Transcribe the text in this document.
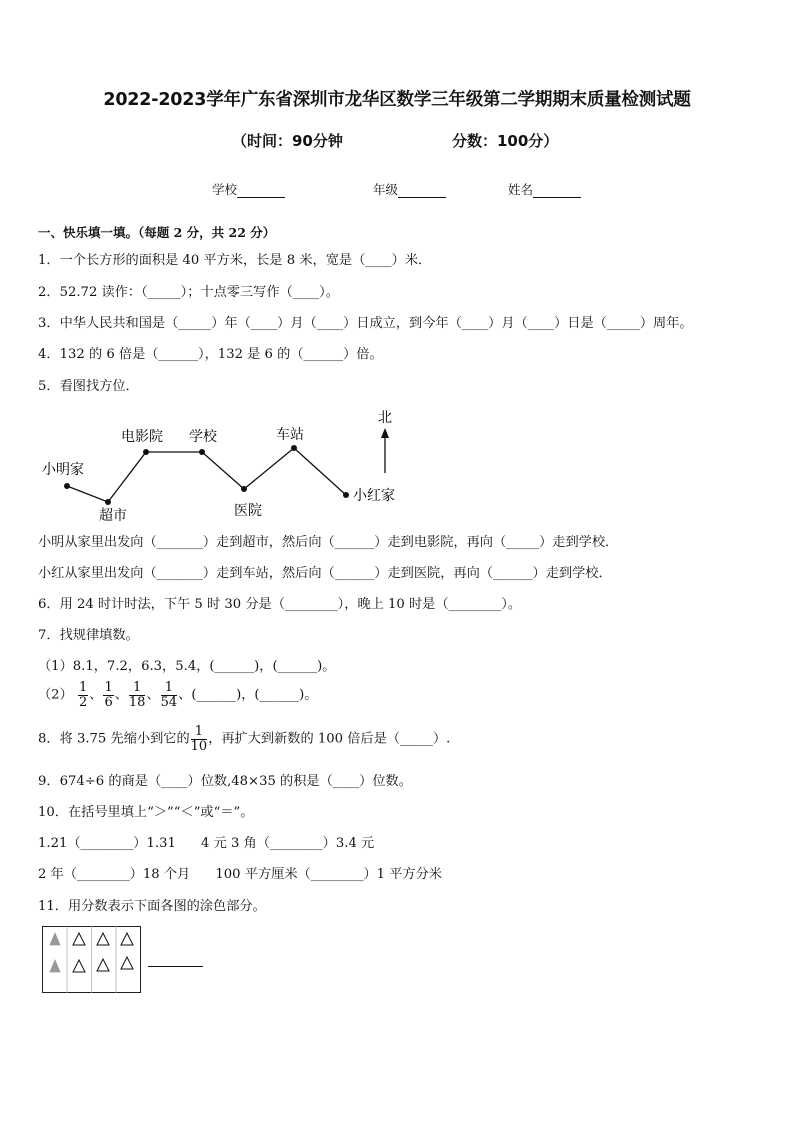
2022-2023学年广东省深圳市龙华区数学三年级第二学期期末质量检测试题
（时间：90分钟	分数：100分）
学校	年级	姓名
一、快乐填一填。（每题 2 分，共 22 分）
1．一个长方形的面积是 40 平方米，长是 8 米，宽是（____）米．
2．52.72 读作：（_____）；十点零三写作（____）。
3．中华人民共和国是（_____）年（____）月（____）日成立，到今年（____）月（____）日是（_____）周年。
4．132 的 6 倍是（______），132 是 6 的（______）倍。
5．看图找方位．
小明家
超市
电影院 学校
医院
车站
小红家
北
小明从家里出发向（_______）走到超市，然后向（______）走到电影院，再向（_____）走到学校．
小红从家里出发向（_______）走到车站，然后向（______）走到医院，再向（______）走到学校．
6．用 24 时计时法，下午 5 时 30 分是（________），晚上 10 时是（________）。
7．找规律填数。
（1）8.1，7.2，6.3，5.4，(______)，(______)。
$(2) \frac{1}{2}$ 、 $\frac{1}{6}$ 、 $\frac{1}{18}$ 、 $\frac{1}{54}$ 、(______)，(______)。
8．将 3.75 先缩小到它的 $\frac{1}{10}$ ，再扩大到新数的 100 倍后是（_____）.
9．674÷6 的商是（____）位数,48×35 的积是（____）位数。
10．在括号里填上“＞”“＜”或“＝”。
1.21（________）1.31      4 元 3 角（________）3.4 元
2 年（________）18 个月      100 平方厘米（________）1 平方分米
11．用分数表示下面各图的涂色部分。
